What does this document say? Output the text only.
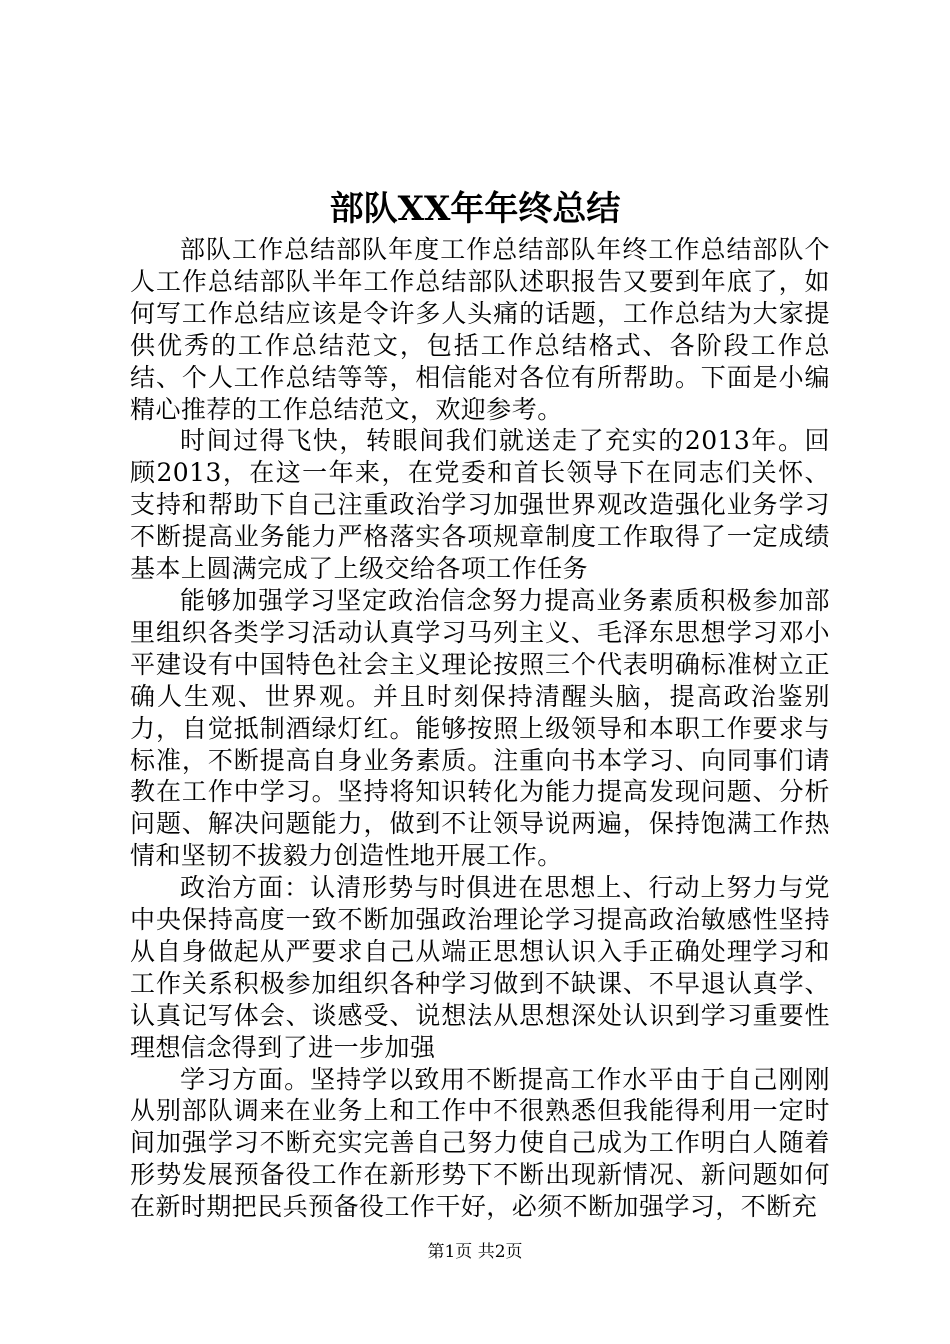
部队XX年年终总结

部队工作总结部队年度工作总结部队年终工作总结部队个人工作总结部队半年工作总结部队述职报告又要到年底了，如何写工作总结应该是令许多人头痛的话题，工作总结为大家提供优秀的工作总结范文，包括工作总结格式、各阶段工作总结、个人工作总结等等，相信能对各位有所帮助。下面是小编精心推荐的工作总结范文，欢迎参考。

时间过得飞快，转眼间我们就送走了充实的2013年。回顾2013，在这一年来，在党委和首长领导下在同志们关怀、支持和帮助下自己注重政治学习加强世界观改造强化业务学习不断提高业务能力严格落实各项规章制度工作取得了一定成绩基本上圆满完成了上级交给各项工作任务

能够加强学习坚定政治信念努力提高业务素质积极参加部里组织各类学习活动认真学习马列主义、毛泽东思想学习邓小平建设有中国特色社会主义理论按照三个代表明确标准树立正确人生观、世界观。并且时刻保持清醒头脑，提高政治鉴别力，自觉抵制酒绿灯红。能够按照上级领导和本职工作要求与标准，不断提高自身业务素质。注重向书本学习、向同事们请教在工作中学习。坚持将知识转化为能力提高发现问题、分析问题、解决问题能力，做到不让领导说两遍，保持饱满工作热情和坚韧不拔毅力创造性地开展工作。

政治方面：认清形势与时俱进在思想上、行动上努力与党中央保持高度一致不断加强政治理论学习提高政治敏感性坚持从自身做起从严要求自己从端正思想认识入手正确处理学习和工作关系积极参加组织各种学习做到不缺课、不早退认真学、认真记写体会、谈感受、说想法从思想深处认识到学习重要性理想信念得到了进一步加强

学习方面。坚持学以致用不断提高工作水平由于自己刚刚从别部队调来在业务上和工作中不很熟悉但我能得利用一定时间加强学习不断充实完善自己努力使自己成为工作明白人随着形势发展预备役工作在新形势下不断出现新情况、新问题如何在新时期把民兵预备役工作干好，必须不断加强学习，不断充

第1页 共2页
